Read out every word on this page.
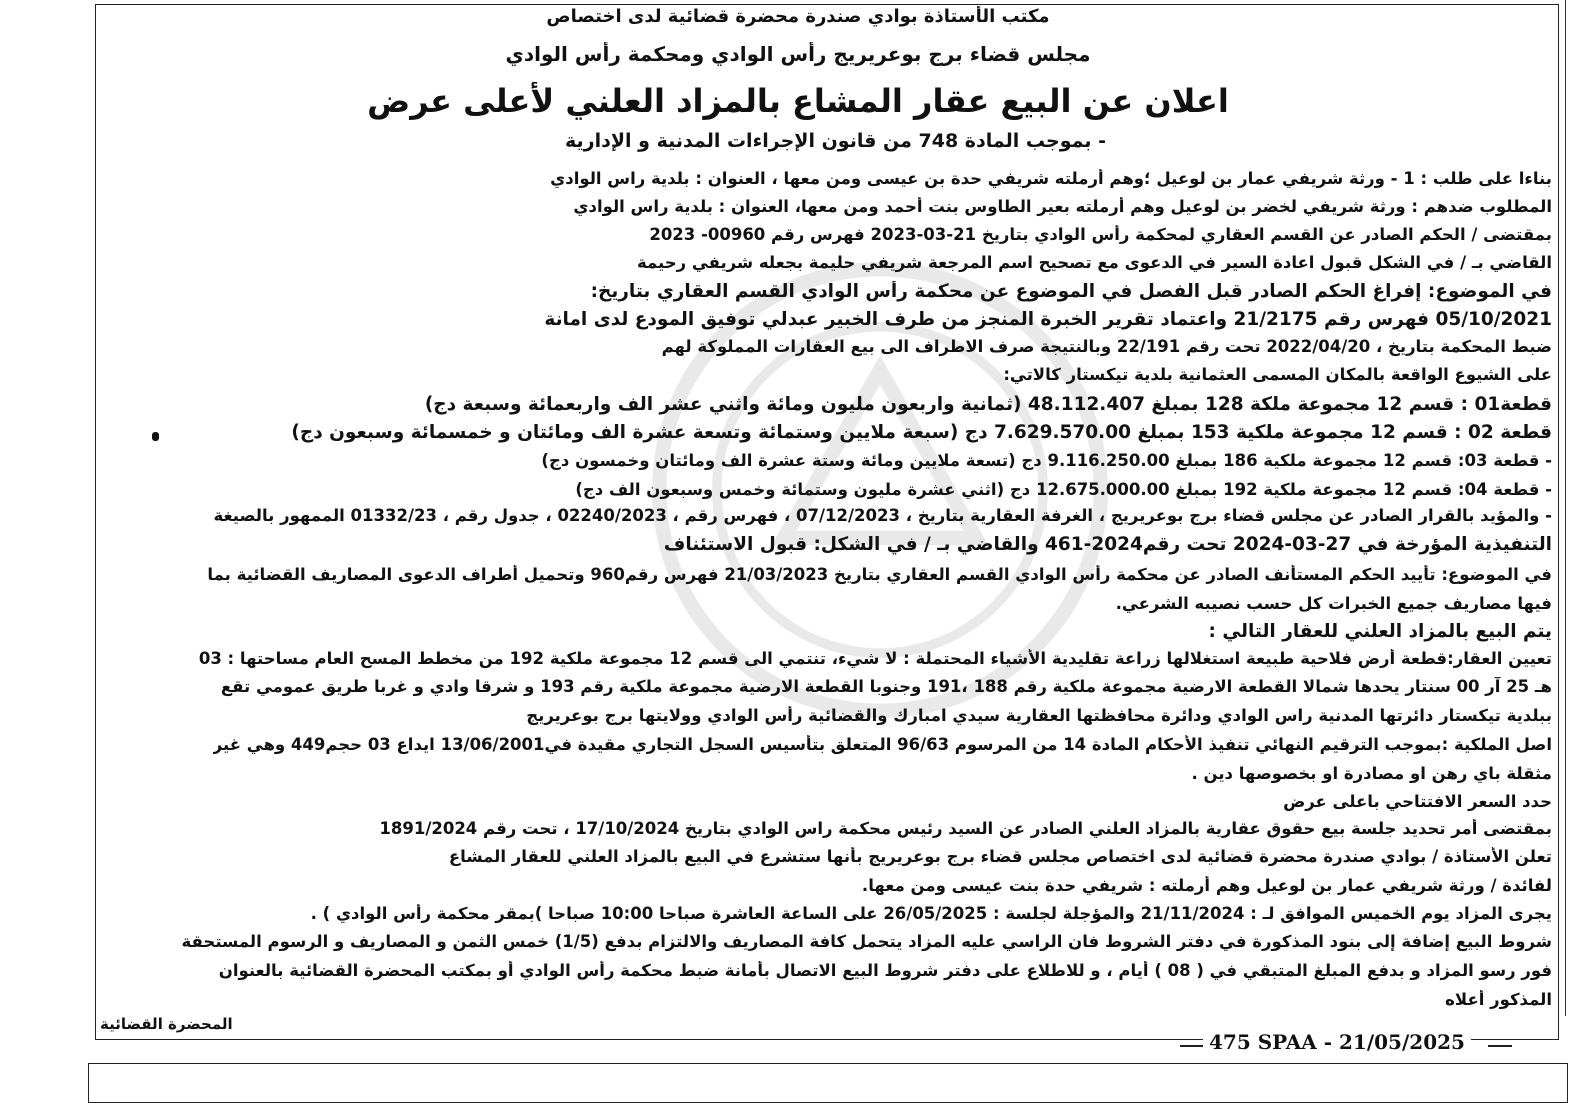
مكتب الأستاذة بوادي صندرة محضرة قضائية لدى اختصاص
مجلس قضاء برج بوعريريج رأس الوادي ومحكمة رأس الوادي
اعلان عن البيع عقار المشاع بالمزاد العلني لأعلى عرض
- بموجب المادة 748 من قانون الإجراءات المدنية و الإدارية
بناءا على طلب : 1 - ورثة شريفي عمار بن لوعيل ؛وهم أرملته شريفي حدة بن عيسى ومن معها ، العنوان : بلدية راس الوادي
المطلوب ضدهم : ورثة شريفي لخضر بن لوعيل وهم أرملته بعير الطاوس بنت أحمد ومن معها، العنوان : بلدية راس الوادي
بمقتضى / الحكم الصادر عن القسم العقاري لمحكمة رأس الوادي بتاريخ 21-03-2023 فهرس رقم 00960- 2023
القاضي بـ / في الشكل قبول اعادة السير في الدعوى مع تصحيح اسم المرجعة شريفي حليمة بجعله شريفي رحيمة
في الموضوع: إفراغ الحكم الصادر قبل الفصل في الموضوع عن محكمة رأس الوادي القسم العقاري بتاريخ:
05/10/2021 فهرس رقم 21/2175 واعتماد تقرير الخبرة المنجز من طرف الخبير عبدلي توفيق المودع لدى امانة
ضبط المحكمة بتاريخ ، 2022/04/20 تحت رقم 22/191 وبالنتيجة صرف الاطراف الى بيع العقارات المملوكة لهم
على الشيوع الواقعة بالمكان المسمى العثمانية بلدية تيكستار كالاتي:
قطعة01 : قسم 12 مجموعة ملكة 128 بمبلغ 48.112.407 (ثمانية واربعون مليون ومائة واثني عشر الف واربعمائة وسبعة دج)
قطعة 02 : قسم 12 مجموعة ملكية 153 بمبلغ 7.629.570.00 دج (سبعة ملايين وستمائة وتسعة عشرة الف ومائتان و خمسمائة وسبعون دج)
- قطعة 03: قسم 12 مجموعة ملكية 186 بمبلغ 9.116.250.00 دج (تسعة ملايين ومائة وستة عشرة الف ومائتان وخمسون دج)
- قطعة 04: قسم 12 مجموعة ملكية 192 بمبلغ 12.675.000.00 دج (اثني عشرة مليون وستمائة وخمس وسبعون الف دج)
- والمؤيد بالقرار الصادر عن مجلس قضاء برج بوعريريج ، الغرفة العقارية بتاريخ ، 07/12/2023 ، فهرس رقم ، 02240/2023 ، جدول رقم ، 01332/23 الممهور بالصيغة
التنفيذية المؤرخة في 27-03-2024 تحت رقم2024-461 والقاضي بـ / في الشكل: قبول الاستئناف
في الموضوع: تأييد الحكم المستأنف الصادر عن محكمة رأس الوادي القسم العقاري بتاريخ 21/03/2023 فهرس رقم960 وتحميل أطراف الدعوى المصاريف القضائية بما
فيها مصاريف جميع الخبرات كل حسب نصيبه الشرعي.
يتم البيع بالمزاد العلني للعقار التالي :
تعيين العقار:قطعة أرض فلاحية طبيعة استغلالها زراعة تقليدية الأشياء المحتملة : لا شيء، تنتمي الى قسم 12 مجموعة ملكية 192 من مخطط المسح العام مساحتها : 03
هـ 25 آر 00 سنتار يحدها شمالا القطعة الارضية مجموعة ملكية رقم 188 ،191 وجنوبا القطعة الارضية مجموعة ملكية رقم 193 و شرقا وادي و غربا طريق عمومي تقع
ببلدية تيكستار دائرتها المدنية راس الوادي ودائرة محافظتها العقارية سيدي امبارك والقضائية رأس الوادي وولايتها برج بوعريريج
اصل الملكية :بموجب الترقيم النهائي تنفيذ الأحكام المادة 14 من المرسوم 96/63 المتعلق بتأسيس السجل التجاري مقيدة في13/06/2001 ايداع 03 حجم449 وهي غير
مثقلة باي رهن او مصادرة او بخصوصها دين .
حدد السعر الافتتاحي باعلى عرض
بمقتضى أمر تحديد جلسة بيع حقوق عقارية بالمزاد العلني الصادر عن السيد رئيس محكمة راس الوادي بتاريخ 17/10/2024 ، تحت رقم 1891/2024
تعلن الأستاذة / بوادي صندرة محضرة قضائية لدى اختصاص مجلس قضاء برج بوعريريج بأنها ستشرع في البيع بالمزاد العلني للعقار المشاع
لفائدة / ورثة شريفي عمار بن لوعيل وهم أرملته : شريفي حدة بنت عيسى ومن معها.
يجرى المزاد يوم الخميس الموافق لـ : 21/11/2024 والمؤجلة لجلسة : 26/05/2025 على الساعة العاشرة صباحا 10:00 صباحا )بمقر محكمة رأس الوادي ) .
شروط البيع إضافة إلى بنود المذكورة في دفتر الشروط فان الراسي عليه المزاد يتحمل كافة المصاريف والالتزام بدفع (1/5) خمس الثمن و المصاريف و الرسوم المستحقة
فور رسو المزاد و بدفع المبلغ المتبقي في ( 08 ) أيام ، و للاطلاع على دفتر شروط البيع الاتصال بأمانة ضبط محكمة رأس الوادي أو بمكتب المحضرة القضائية بالعنوان
المذكور أعلاه
المحضرة القضائية
475 SPAA - 21/05/2025
